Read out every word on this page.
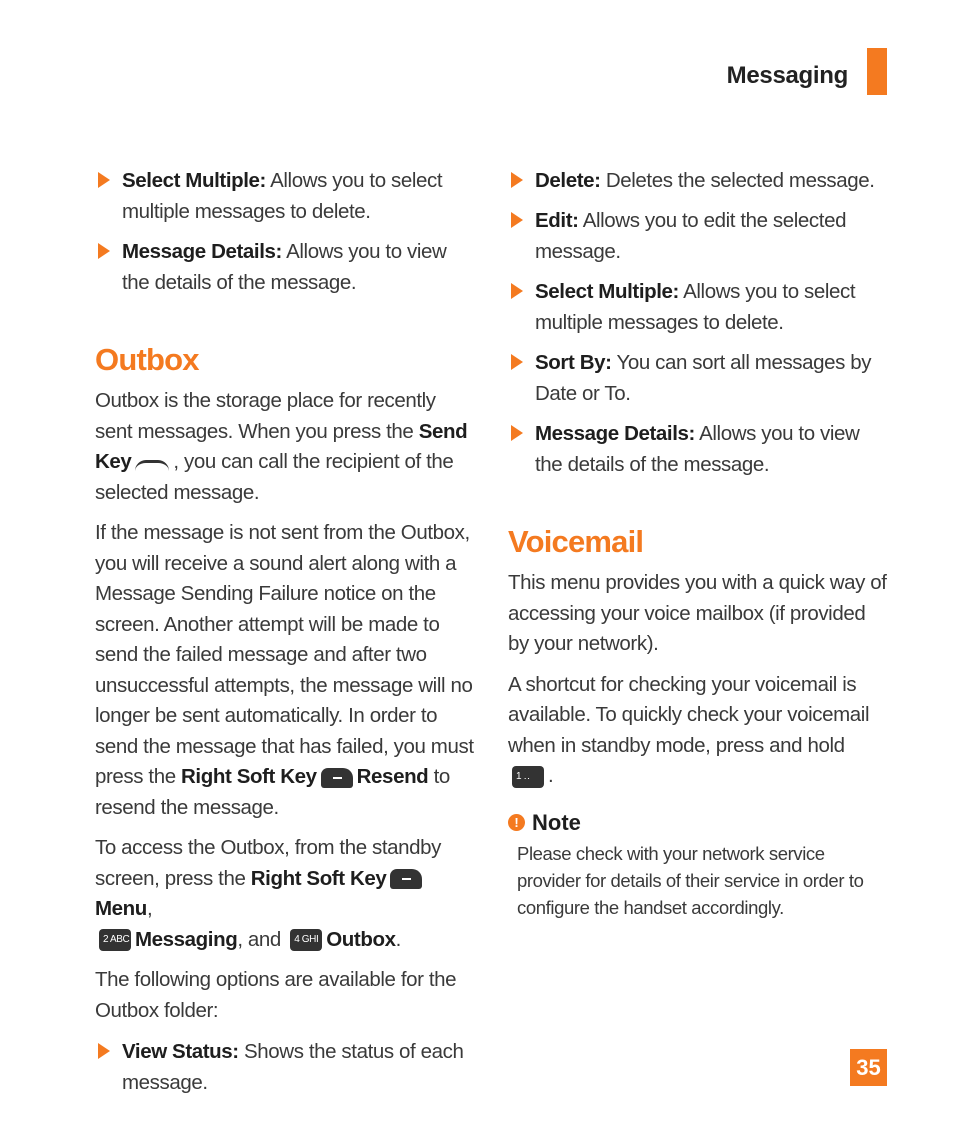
Messaging
Select Multiple: Allows you to select multiple messages to delete.
Message Details: Allows you to view the details of the message.
Outbox

Outbox is the storage place for recently sent messages. When you press the Send Key , you can call the recipient of the selected message.

If the message is not sent from the Outbox, you will receive a sound alert along with a Message Sending Failure notice on the screen. Another attempt will be made to send the failed message and after two unsuccessful attempts, the message will no longer be sent automatically. In order to send the message that has failed, you must press the Right Soft Key Resend to resend the message.

To access the Outbox, from the standby screen, press the Right Soft KeyMenu,
2 ABC Messaging, and 4 GHI Outbox.

The following options are available for the Outbox folder:

View Status: Shows the status of each message.
Delete: Deletes the selected message.
Edit: Allows you to edit the selected message.
Select Multiple: Allows you to select multiple messages to delete.
Sort By: You can sort all messages by Date or To.
Message Details: Allows you to view the details of the message.
Voicemail

This menu provides you with a quick way of accessing your voice mailbox (if provided by your network).

A shortcut for checking your voicemail is available. To quickly check your voicemail when in standby mode, press and hold 1 ‥ .

! Note
Please check with your network service provider for details of their service in order to configure the handset accordingly.
35
